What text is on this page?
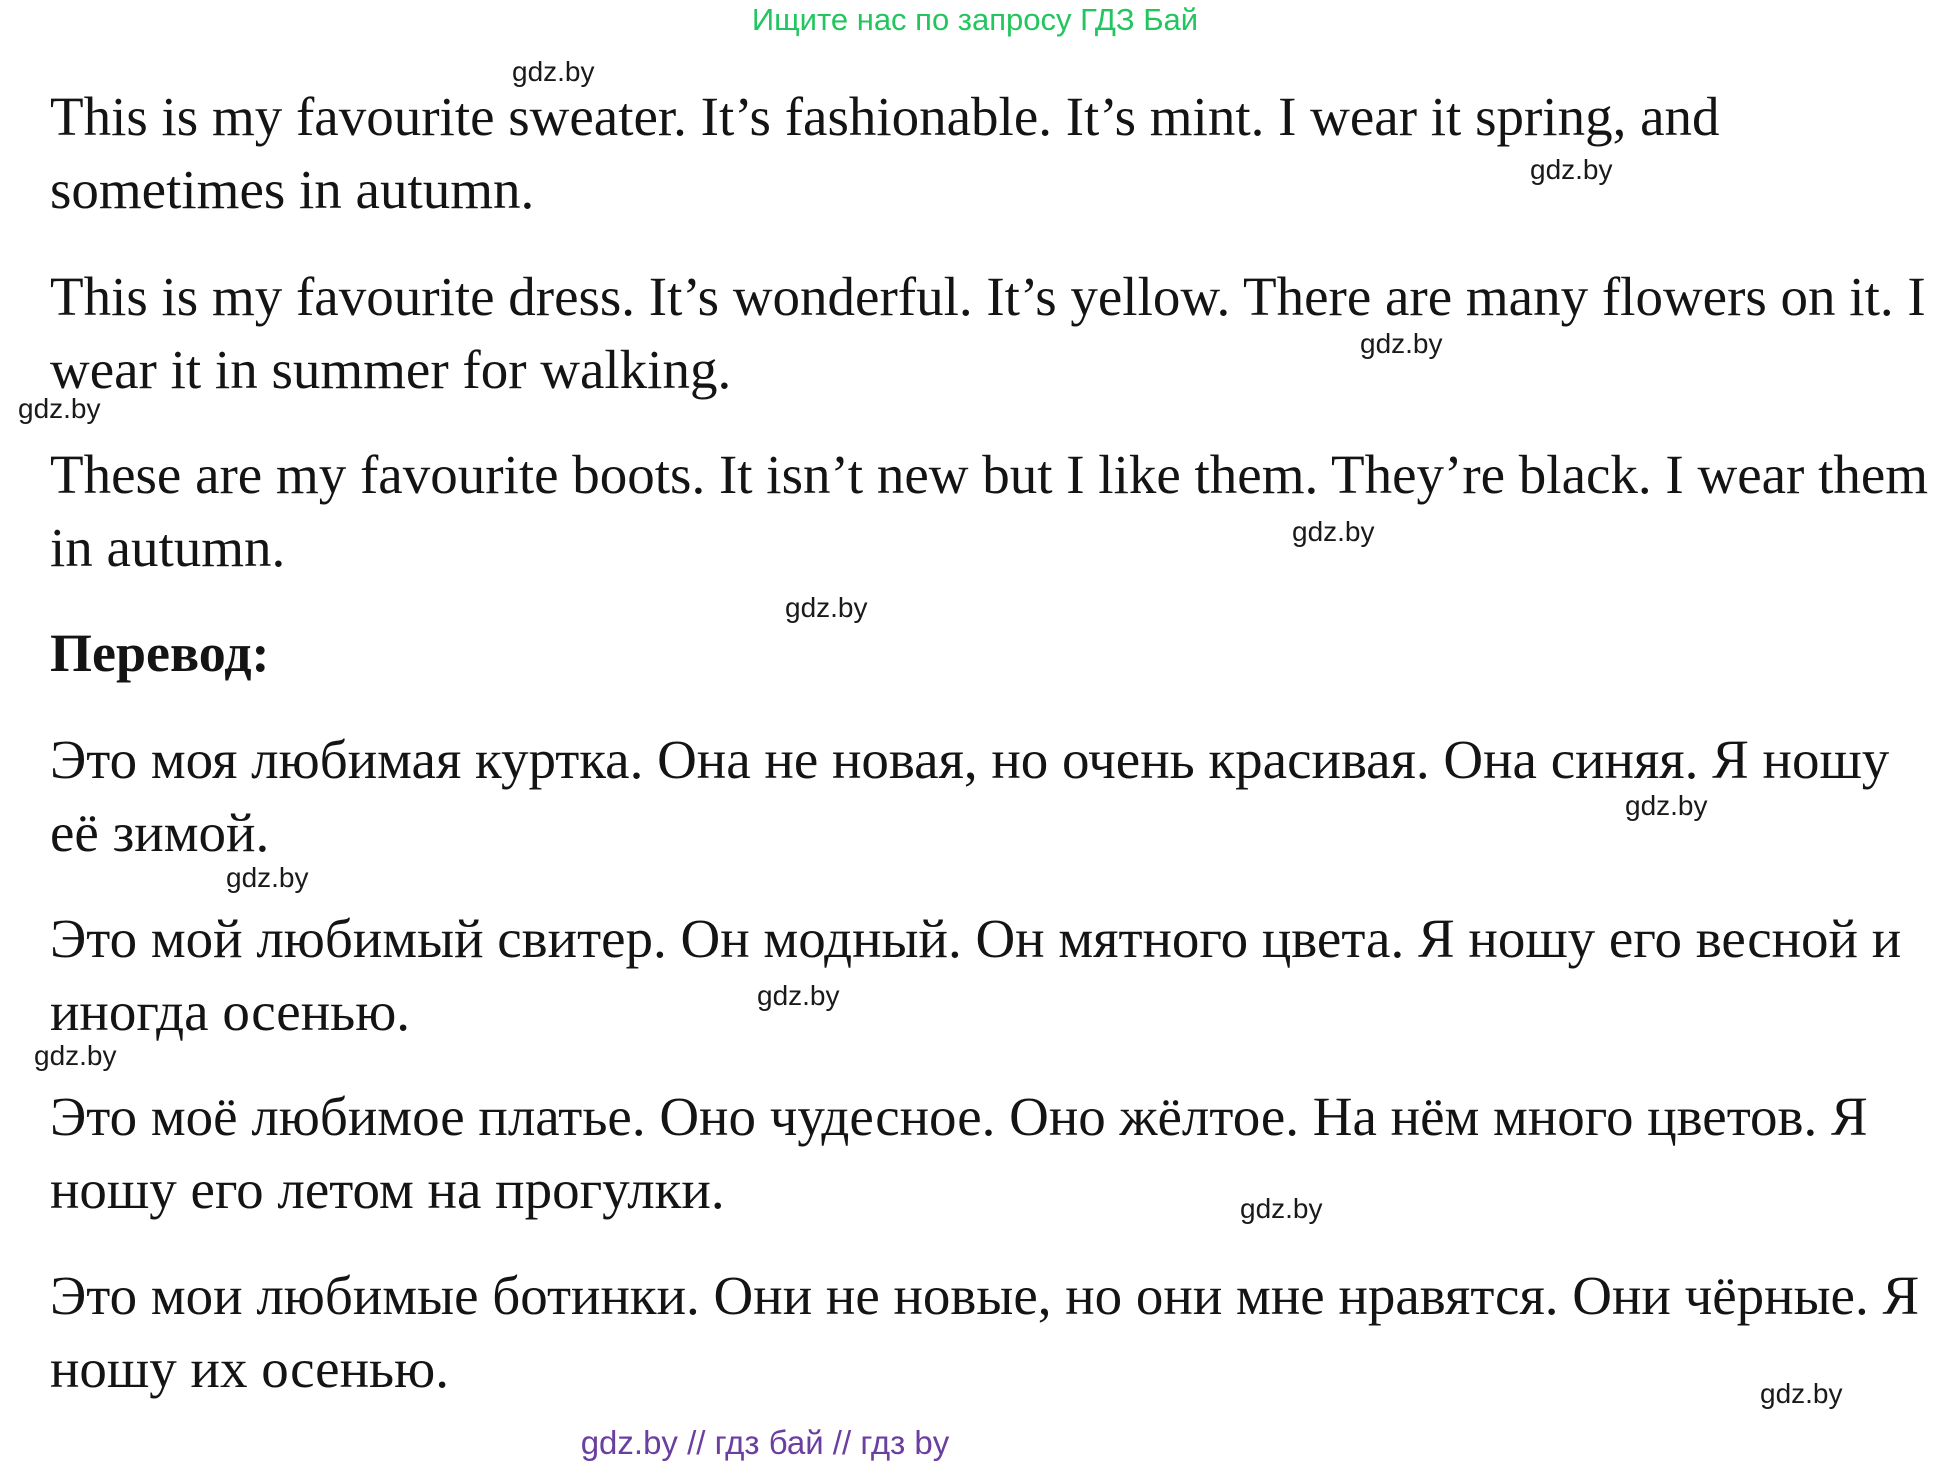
Ищите нас по запросу ГДЗ Бай

This is my favourite sweater. It’s fashionable. It’s mint. I wear it spring, and sometimes in autumn.

This is my favourite dress. It’s wonderful. It’s yellow. There are many flowers on it. I wear it in summer for walking.

These are my favourite boots. It isn’t new but I like them. They’re black. I wear them in autumn.

Перевод:

Это моя любимая куртка. Она не новая, но очень красивая. Она синяя. Я ношу её зимой.

Это мой любимый свитер. Он модный. Он мятного цвета. Я ношу его весной и иногда осенью.

Это моё любимое платье. Оно чудесное. Оно жёлтое. На нём много цветов. Я ношу его летом на прогулки.

Это мои любимые ботинки. Они не новые, но они мне нравятся. Они чёрные. Я ношу их осенью.

gdz.by
gdz.by
gdz.by
gdz.by
gdz.by
gdz.by
gdz.by
gdz.by
gdz.by
gdz.by
gdz.by
gdz.by
gdz.by // гдз бай // гдз by
